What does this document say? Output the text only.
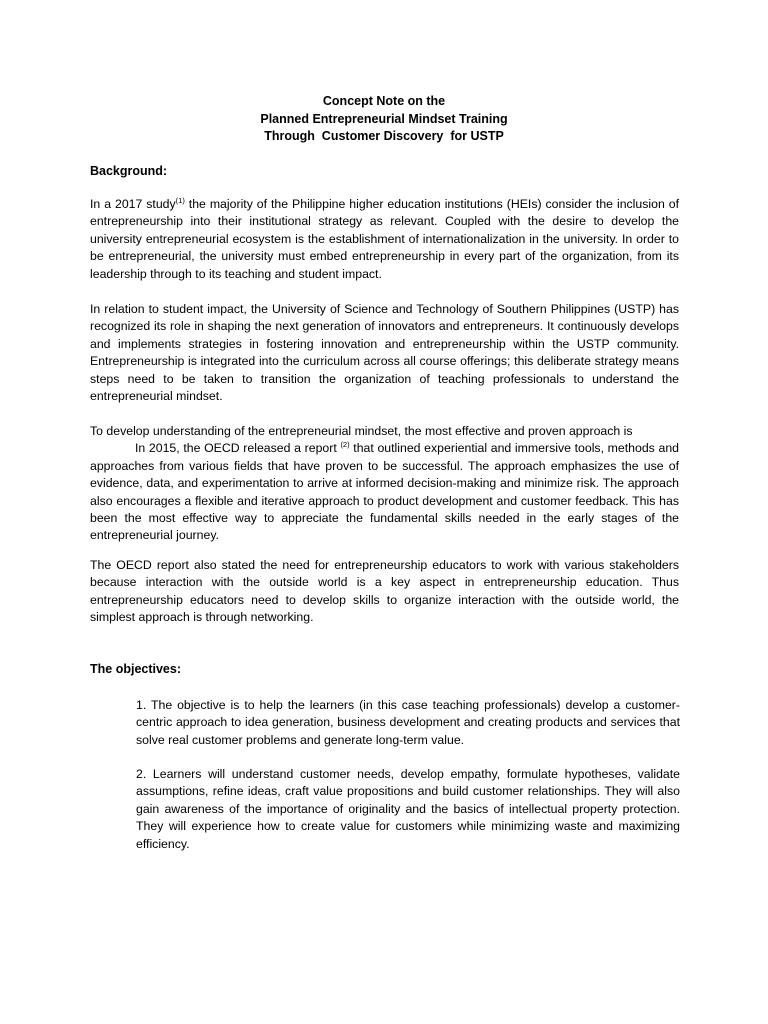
Concept Note on the
Planned Entrepreneurial Mindset Training
Through  Customer Discovery  for USTP
Background:
In a 2017 study$^{(1)}$ the majority of the Philippine higher education institutions (HEIs) consider the inclusion of entrepreneurship into their institutional strategy as relevant. Coupled with the desire to develop the university entrepreneurial ecosystem is the establishment of internationalization in the university. In order to be entrepreneurial, the university must embed entrepreneurship in every part of the organization, from its leadership through to its teaching and student impact.
In relation to student impact, the University of Science and Technology of Southern Philippines (USTP) has recognized its role in shaping the next generation of innovators and entrepreneurs. It continuously develops and implements strategies in fostering innovation and entrepreneurship within the USTP community. Entrepreneurship is integrated into the curriculum across all course offerings; this deliberate strategy means steps need to be taken to transition the organization of teaching professionals to understand the entrepreneurial mindset.
To develop understanding of the entrepreneurial mindset, the most effective and proven approach is
In 2015, the OECD released a report $^{(2)}$ that outlined experiential and immersive tools, methods and approaches from various fields that have proven to be successful. The approach emphasizes the use of evidence, data, and experimentation to arrive at informed decision-making and minimize risk. The approach also encourages a flexible and iterative approach to product development and customer feedback. This has been the most effective way to appreciate the fundamental skills needed in the early stages of the entrepreneurial journey.
The OECD report also stated the need for entrepreneurship educators to work with various stakeholders because interaction with the outside world is a key aspect in entrepreneurship education. Thus entrepreneurship educators need to develop skills to organize interaction with the outside world, the simplest approach is through networking.
The objectives:
1. The objective is to help the learners (in this case teaching professionals) develop a customer-centric approach to idea generation, business development and creating products and services that solve real customer problems and generate long-term value.
2. Learners will understand customer needs, develop empathy, formulate hypotheses, validate assumptions, refine ideas, craft value propositions and build customer relationships. They will also gain awareness of the importance of originality and the basics of intellectual property protection. They will experience how to create value for customers while minimizing waste and maximizing efficiency.
